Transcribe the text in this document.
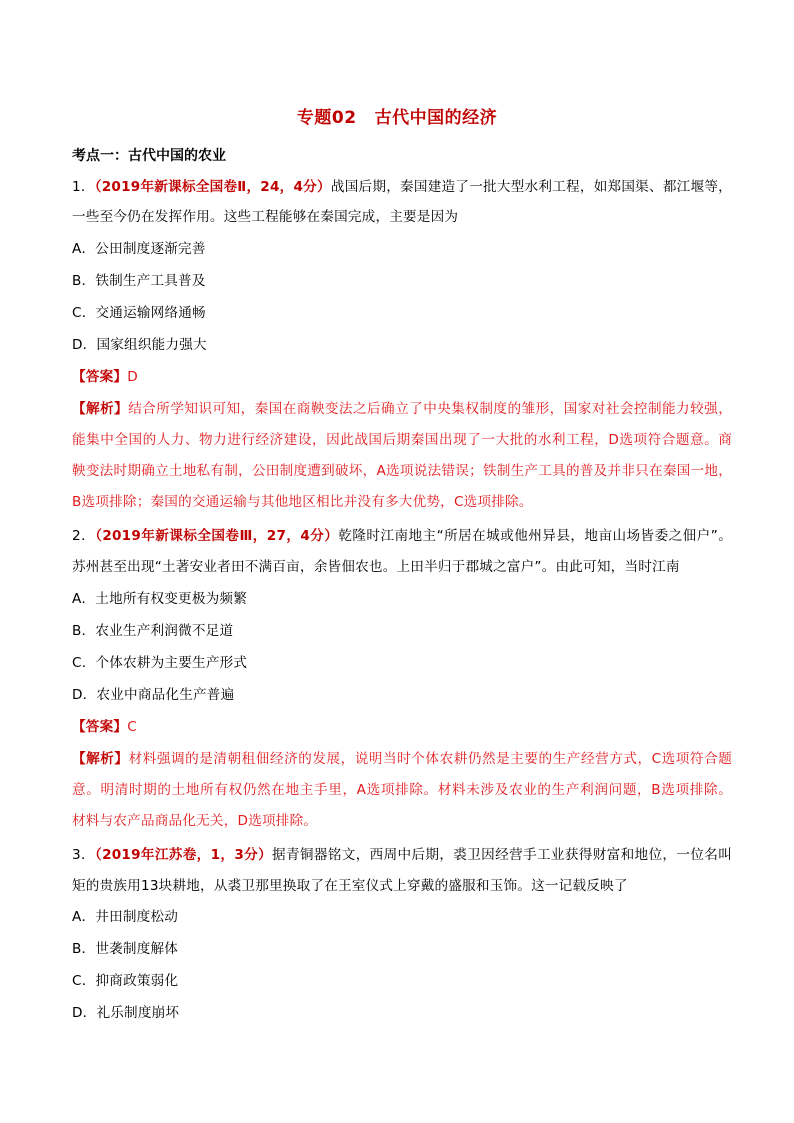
专题02 古代中国的经济
考点一：古代中国的农业
1．（2019年新课标全国卷Ⅱ，24，4分）战国后期，秦国建造了一批大型水利工程，如郑国渠、都江堰等，
一些至今仍在发挥作用。这些工程能够在秦国完成，主要是因为
A．公田制度逐渐完善
B．铁制生产工具普及
C．交通运输网络通畅
D．国家组织能力强大
【答案】D
【解析】结合所学知识可知，秦国在商鞅变法之后确立了中央集权制度的雏形，国家对社会控制能力较强，
能集中全国的人力、物力进行经济建设，因此战国后期秦国出现了一大批的水利工程，D选项符合题意。商
鞅变法时期确立土地私有制，公田制度遭到破坏，A选项说法错误；铁制生产工具的普及并非只在秦国一地，
B选项排除；秦国的交通运输与其他地区相比并没有多大优势，C选项排除。
2．（2019年新课标全国卷Ⅲ，27，4分）乾隆时江南地主“所居在城或他州异县，地亩山场皆委之佃户”。
苏州甚至出现“土著安业者田不满百亩，余皆佃农也。上田半归于郡城之富户”。由此可知，当时江南
A．土地所有权变更极为频繁
B．农业生产利润微不足道
C．个体农耕为主要生产形式
D．农业中商品化生产普遍
【答案】C
【解析】材料强调的是清朝租佃经济的发展，说明当时个体农耕仍然是主要的生产经营方式，C选项符合题
意。明清时期的土地所有权仍然在地主手里，A选项排除。材料未涉及农业的生产利润问题，B选项排除。
材料与农产品商品化无关，D选项排除。
3．（2019年江苏卷，1，3分）据青铜器铭文，西周中后期，裘卫因经营手工业获得财富和地位，一位名叫
矩的贵族用13块耕地，从裘卫那里换取了在王室仪式上穿戴的盛服和玉饰。这一记载反映了
A．井田制度松动
B．世袭制度解体
C．抑商政策弱化
D．礼乐制度崩坏
